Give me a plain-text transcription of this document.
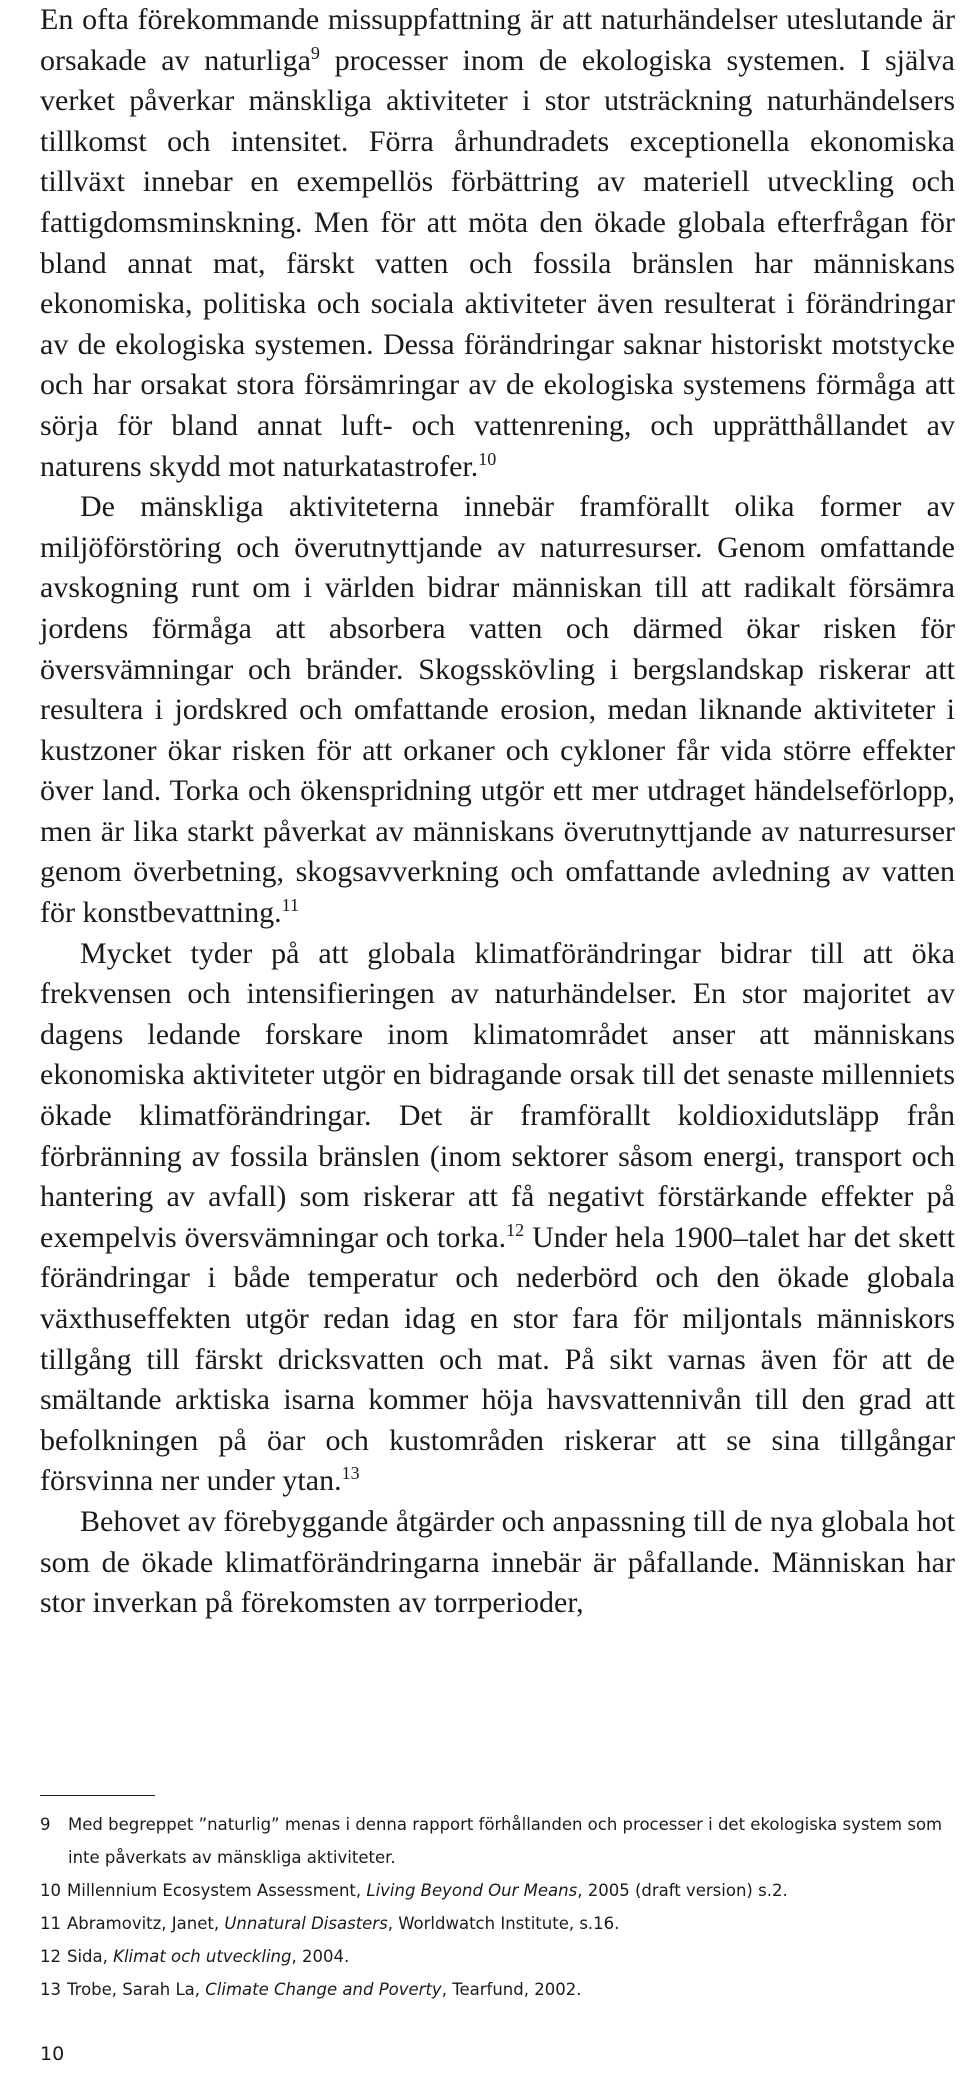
En ofta förekommande missuppfattning är att naturhändelser uteslutande är orsakade av naturliga$^9$ processer inom de ekologiska systemen. I själva verket påverkar mänskliga aktiviteter i stor utsträckning naturhändelsers tillkomst och intensitet. Förra århundradets exceptionella ekonomiska tillväxt innebar en exempellös förbättring av materiell utveckling och fattigdomsminskning. Men för att möta den ökade globala efterfrågan för bland annat mat, färskt vatten och fossila bränslen har människans ekonomiska, politiska och sociala aktiviteter även resulterat i förändringar av de ekologiska systemen. Dessa förändringar saknar historiskt motstycke och har orsakat stora försämringar av de ekologiska systemens förmåga att sörja för bland annat luft- och vattenrening, och upprätthållandet av naturens skydd mot naturkatastrofer.$^{10}$

De mänskliga aktiviteterna innebär framförallt olika former av miljöförstöring och överutnyttjande av naturresurser. Genom omfattande avskogning runt om i världen bidrar människan till att radikalt försämra jordens förmåga att absorbera vatten och därmed ökar risken för översvämningar och bränder. Skogsskövling i bergslandskap riskerar att resultera i jordskred och omfattande erosion, medan liknande aktiviteter i kustzoner ökar risken för att orkaner och cykloner får vida större effekter över land. Torka och ökenspridning utgör ett mer utdraget händelseförlopp, men är lika starkt påverkat av människans överutnyttjande av naturresurser genom överbetning, skogsavverkning och omfattande avledning av vatten för konstbevattning.$^{11}$

Mycket tyder på att globala klimatförändringar bidrar till att öka frekvensen och intensifieringen av naturhändelser. En stor majoritet av dagens ledande forskare inom klimatområdet anser att människans ekonomiska aktiviteter utgör en bidragande orsak till det senaste millenniets ökade klimatförändringar. Det är framförallt koldioxidutsläpp från förbränning av fossila bränslen (inom sektorer såsom energi, transport och hantering av avfall) som riskerar att få negativt förstärkande effekter på exempelvis översvämningar och torka.$^{12}$ Under hela 1900–talet har det skett förändringar i både temperatur och nederbörd och den ökade globala växthuseffekten utgör redan idag en stor fara för miljontals människors tillgång till färskt dricksvatten och mat. På sikt varnas även för att de smältande arktiska isarna kommer höja havsvattennivån till den grad att befolkningen på öar och kustområden riskerar att se sina tillgångar försvinna ner under ytan.$^{13}$

Behovet av förebyggande åtgärder och anpassning till de nya globala hot som de ökade klimatförändringarna innebär är påfallande. Människan har stor inverkan på förekomsten av torrperioder,

9 Med begreppet ”naturlig” menas i denna rapport förhållanden och processer i det ekologiska system som inte påverkats av mänskliga aktiviteter.
10 Millennium Ecosystem Assessment, Living Beyond Our Means, 2005 (draft version) s.2.
11 Abramovitz, Janet, Unnatural Disasters, Worldwatch Institute, s.16.
12 Sida, Klimat och utveckling, 2004.
13 Trobe, Sarah La, Climate Change and Poverty, Tearfund, 2002.
10
